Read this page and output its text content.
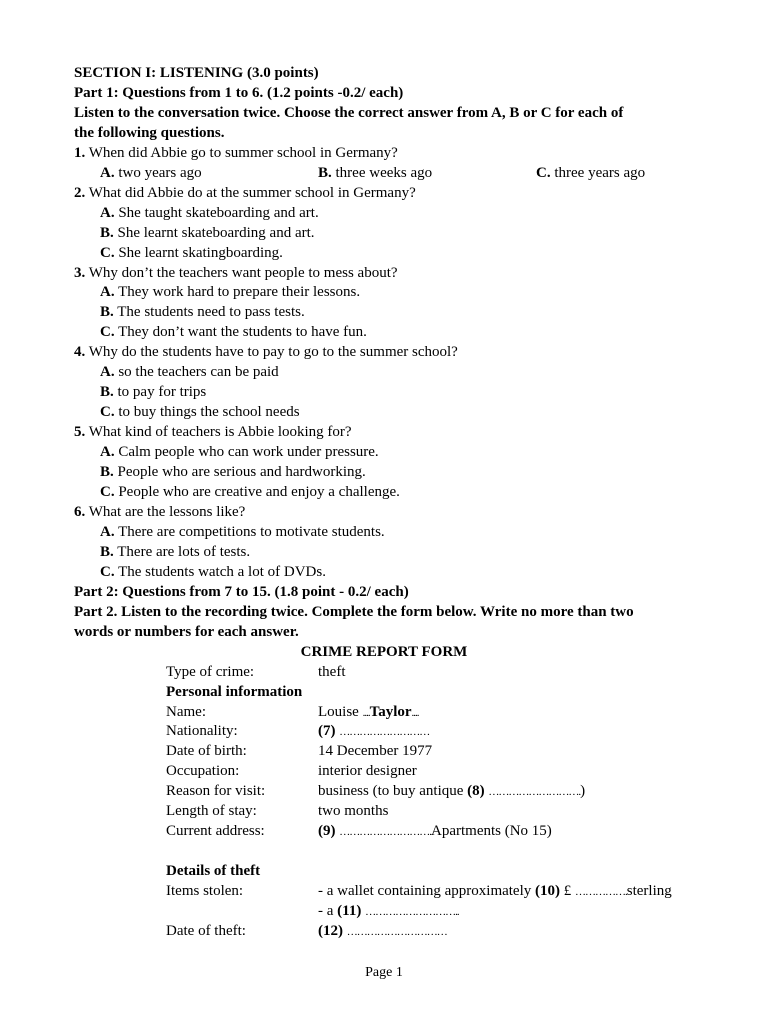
SECTION I: LISTENING (3.0 points)
Part 1: Questions from 1 to 6. (1.2 points -0.2/ each)
Listen to the conversation twice. Choose the correct answer from A, B or C for each of
the following questions.
1. When did Abbie go to summer school in Germany?
A. two years ago	B. three weeks ago	C. three years ago
2. What did Abbie do at the summer school in Germany?
A. She taught skateboarding and art.
B. She learnt skateboarding and art.
C. She learnt skatingboarding.
3. Why don’t the teachers want people to mess about?
A. They work hard to prepare their lessons.
B. The students need to pass tests.
C. They don’t want the students to have fun.
4. Why do the students have to pay to go to the summer school?
A. so the teachers can be paid
B. to pay for trips
C. to buy things the school needs
5. What kind of teachers is Abbie looking for?
A. Calm people who can work under pressure.
B. People who are serious and hardworking.
C. People who are creative and enjoy a challenge.
6. What are the lessons like?
A. There are competitions to motivate students.
B. There are lots of tests.
C. The students watch a lot of DVDs.
Part 2: Questions from 7 to 15. (1.8 point - 0.2/ each)
Part 2. Listen to the recording twice. Complete the form below. Write no more than two
words or numbers for each answer.
CRIME REPORT FORM
Type of crime:	theft
Personal information
Name:	Louise ....Taylor....
Nationality:	(7) ………………………
Date of birth:	14 December 1977
Occupation:	interior designer
Reason for visit:	business (to buy antique (8) ……………………….)
Length of stay:	two months
Current address:	(9) ……………………….Apartments (No 15)
Details of theft
Items stolen:	- a wallet containing approximately (10) £ …………….sterling
- a (11) ………………………..
Date of theft:	(12) …………………………
Page 1
